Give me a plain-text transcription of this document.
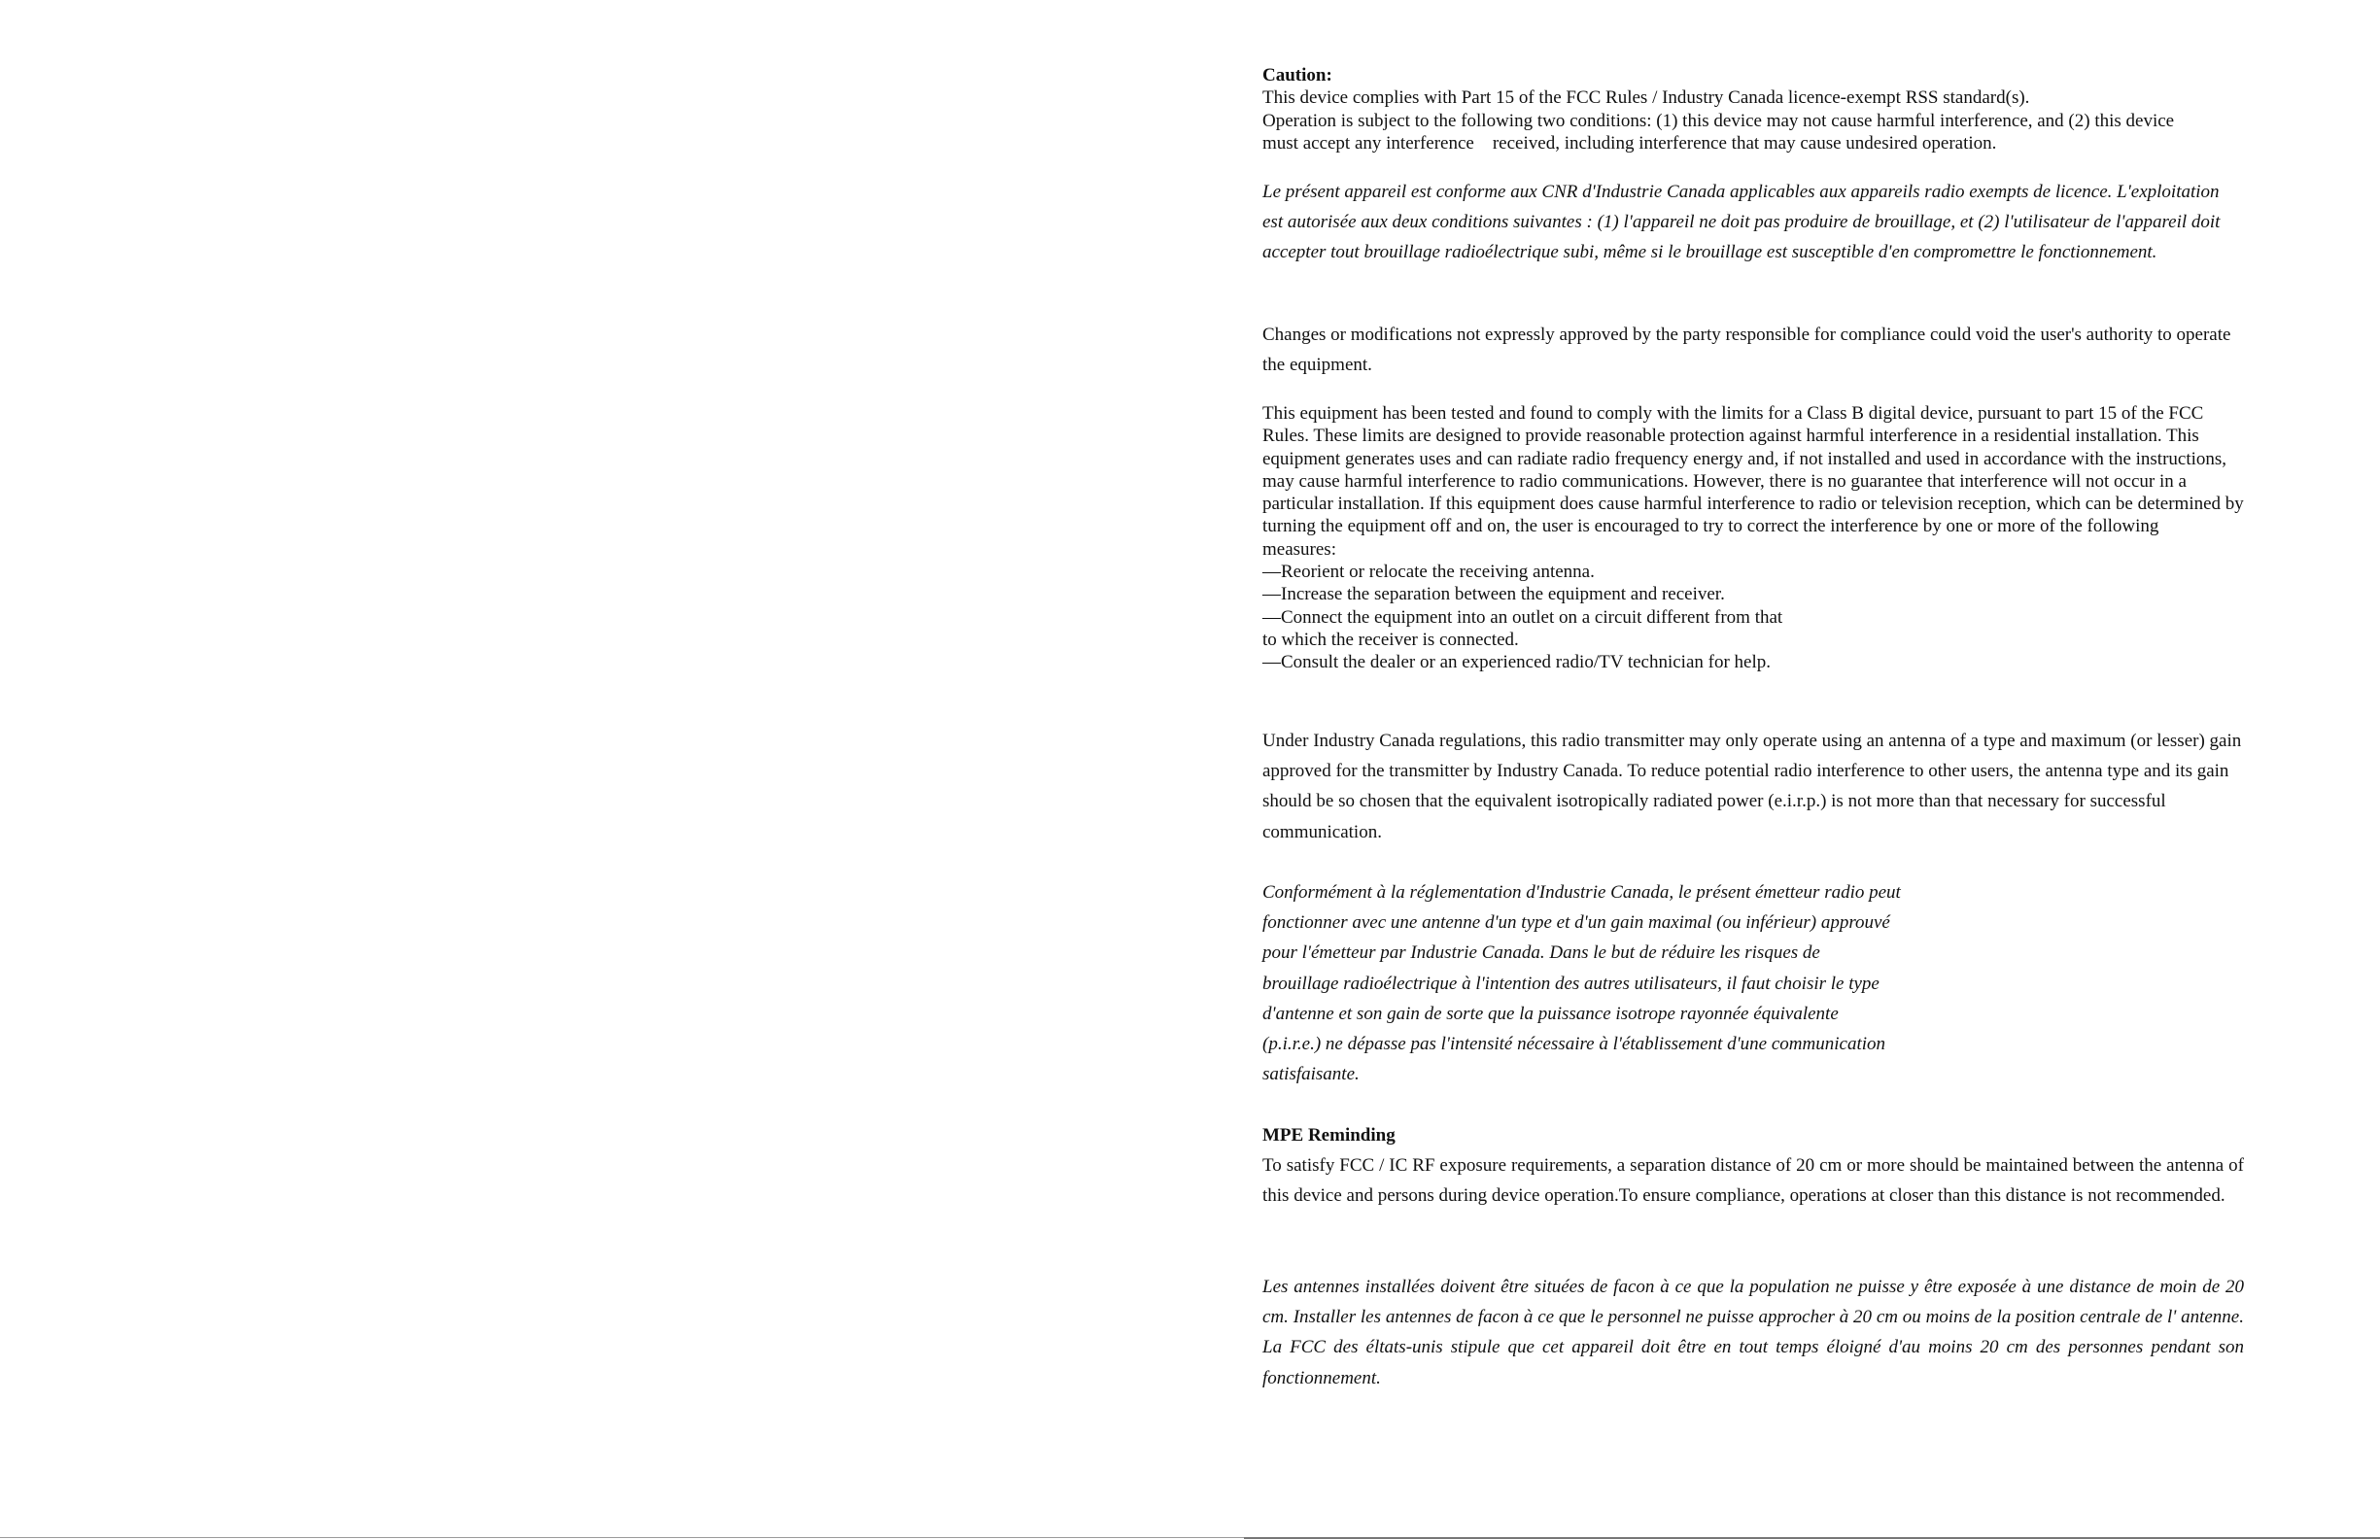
Caution:
This device complies with Part 15 of the FCC Rules / Industry Canada licence-exempt RSS standard(s).
Operation is subject to the following two conditions: (1) this device may not cause harmful interference, and (2) this device
must accept any interference    received, including interference that may cause undesired operation.

Le présent appareil est conforme aux CNR d'Industrie Canada applicables aux appareils radio exempts de licence. L'exploitation est autorisée aux deux conditions suivantes : (1) l'appareil ne doit pas produire de brouillage, et (2) l'utilisateur de l'appareil doit accepter tout brouillage radioélectrique subi, même si le brouillage est susceptible d'en compromettre le fonctionnement.

Changes or modifications not expressly approved by the party responsible for compliance could void the user's authority to operate the equipment.

This equipment has been tested and found to comply with the limits for a Class B digital device, pursuant to part 15 of the FCC Rules. These limits are designed to provide reasonable protection against harmful interference in a residential installation. This equipment generates uses and can radiate radio frequency energy and, if not installed and used in accordance with the instructions, may cause harmful interference to radio communications. However, there is no guarantee that interference will not occur in a particular installation. If this equipment does cause harmful interference to radio or television reception, which can be determined by turning the equipment off and on, the user is encouraged to try to correct the interference by one or more of the following

measures:
—Reorient or relocate the receiving antenna.
—Increase the separation between the equipment and receiver.
—Connect the equipment into an outlet on a circuit different from that
to which the receiver is connected.
—Consult the dealer or an experienced radio/TV technician for help.

Under Industry Canada regulations, this radio transmitter may only operate using an antenna of a type and maximum (or lesser) gain approved for the transmitter by Industry Canada. To reduce potential radio interference to other users, the antenna type and its gain should be so chosen that the equivalent isotropically radiated power (e.i.r.p.) is not more than that necessary for successful communication.

Conformément à la réglementation d'Industrie Canada, le présent émetteur radio peut
fonctionner avec une antenne d'un type et d'un gain maximal (ou inférieur) approuvé
pour l'émetteur par Industrie Canada. Dans le but de réduire les risques de
brouillage radioélectrique à l'intention des autres utilisateurs, il faut choisir le type
d'antenne et son gain de sorte que la puissance isotrope rayonnée équivalente
(p.i.r.e.) ne dépasse pas l'intensité nécessaire à l'établissement d'une communication
satisfaisante.
MPE Reminding

To satisfy FCC / IC RF exposure requirements, a separation distance of 20 cm or more should be maintained between the antenna of this device and persons during device operation.To ensure compliance, operations at closer than this distance is not recommended.

Les antennes installées doivent être situées de facon à ce que la population ne puisse y être exposée à une distance de moin de 20 cm. Installer les antennes de facon à ce que le personnel ne puisse approcher à 20 cm ou moins de la position centrale de l' antenne. La FCC des éltats-unis stipule que cet appareil doit être en tout temps éloigné d'au moins 20 cm des personnes pendant son fonctionnement.
